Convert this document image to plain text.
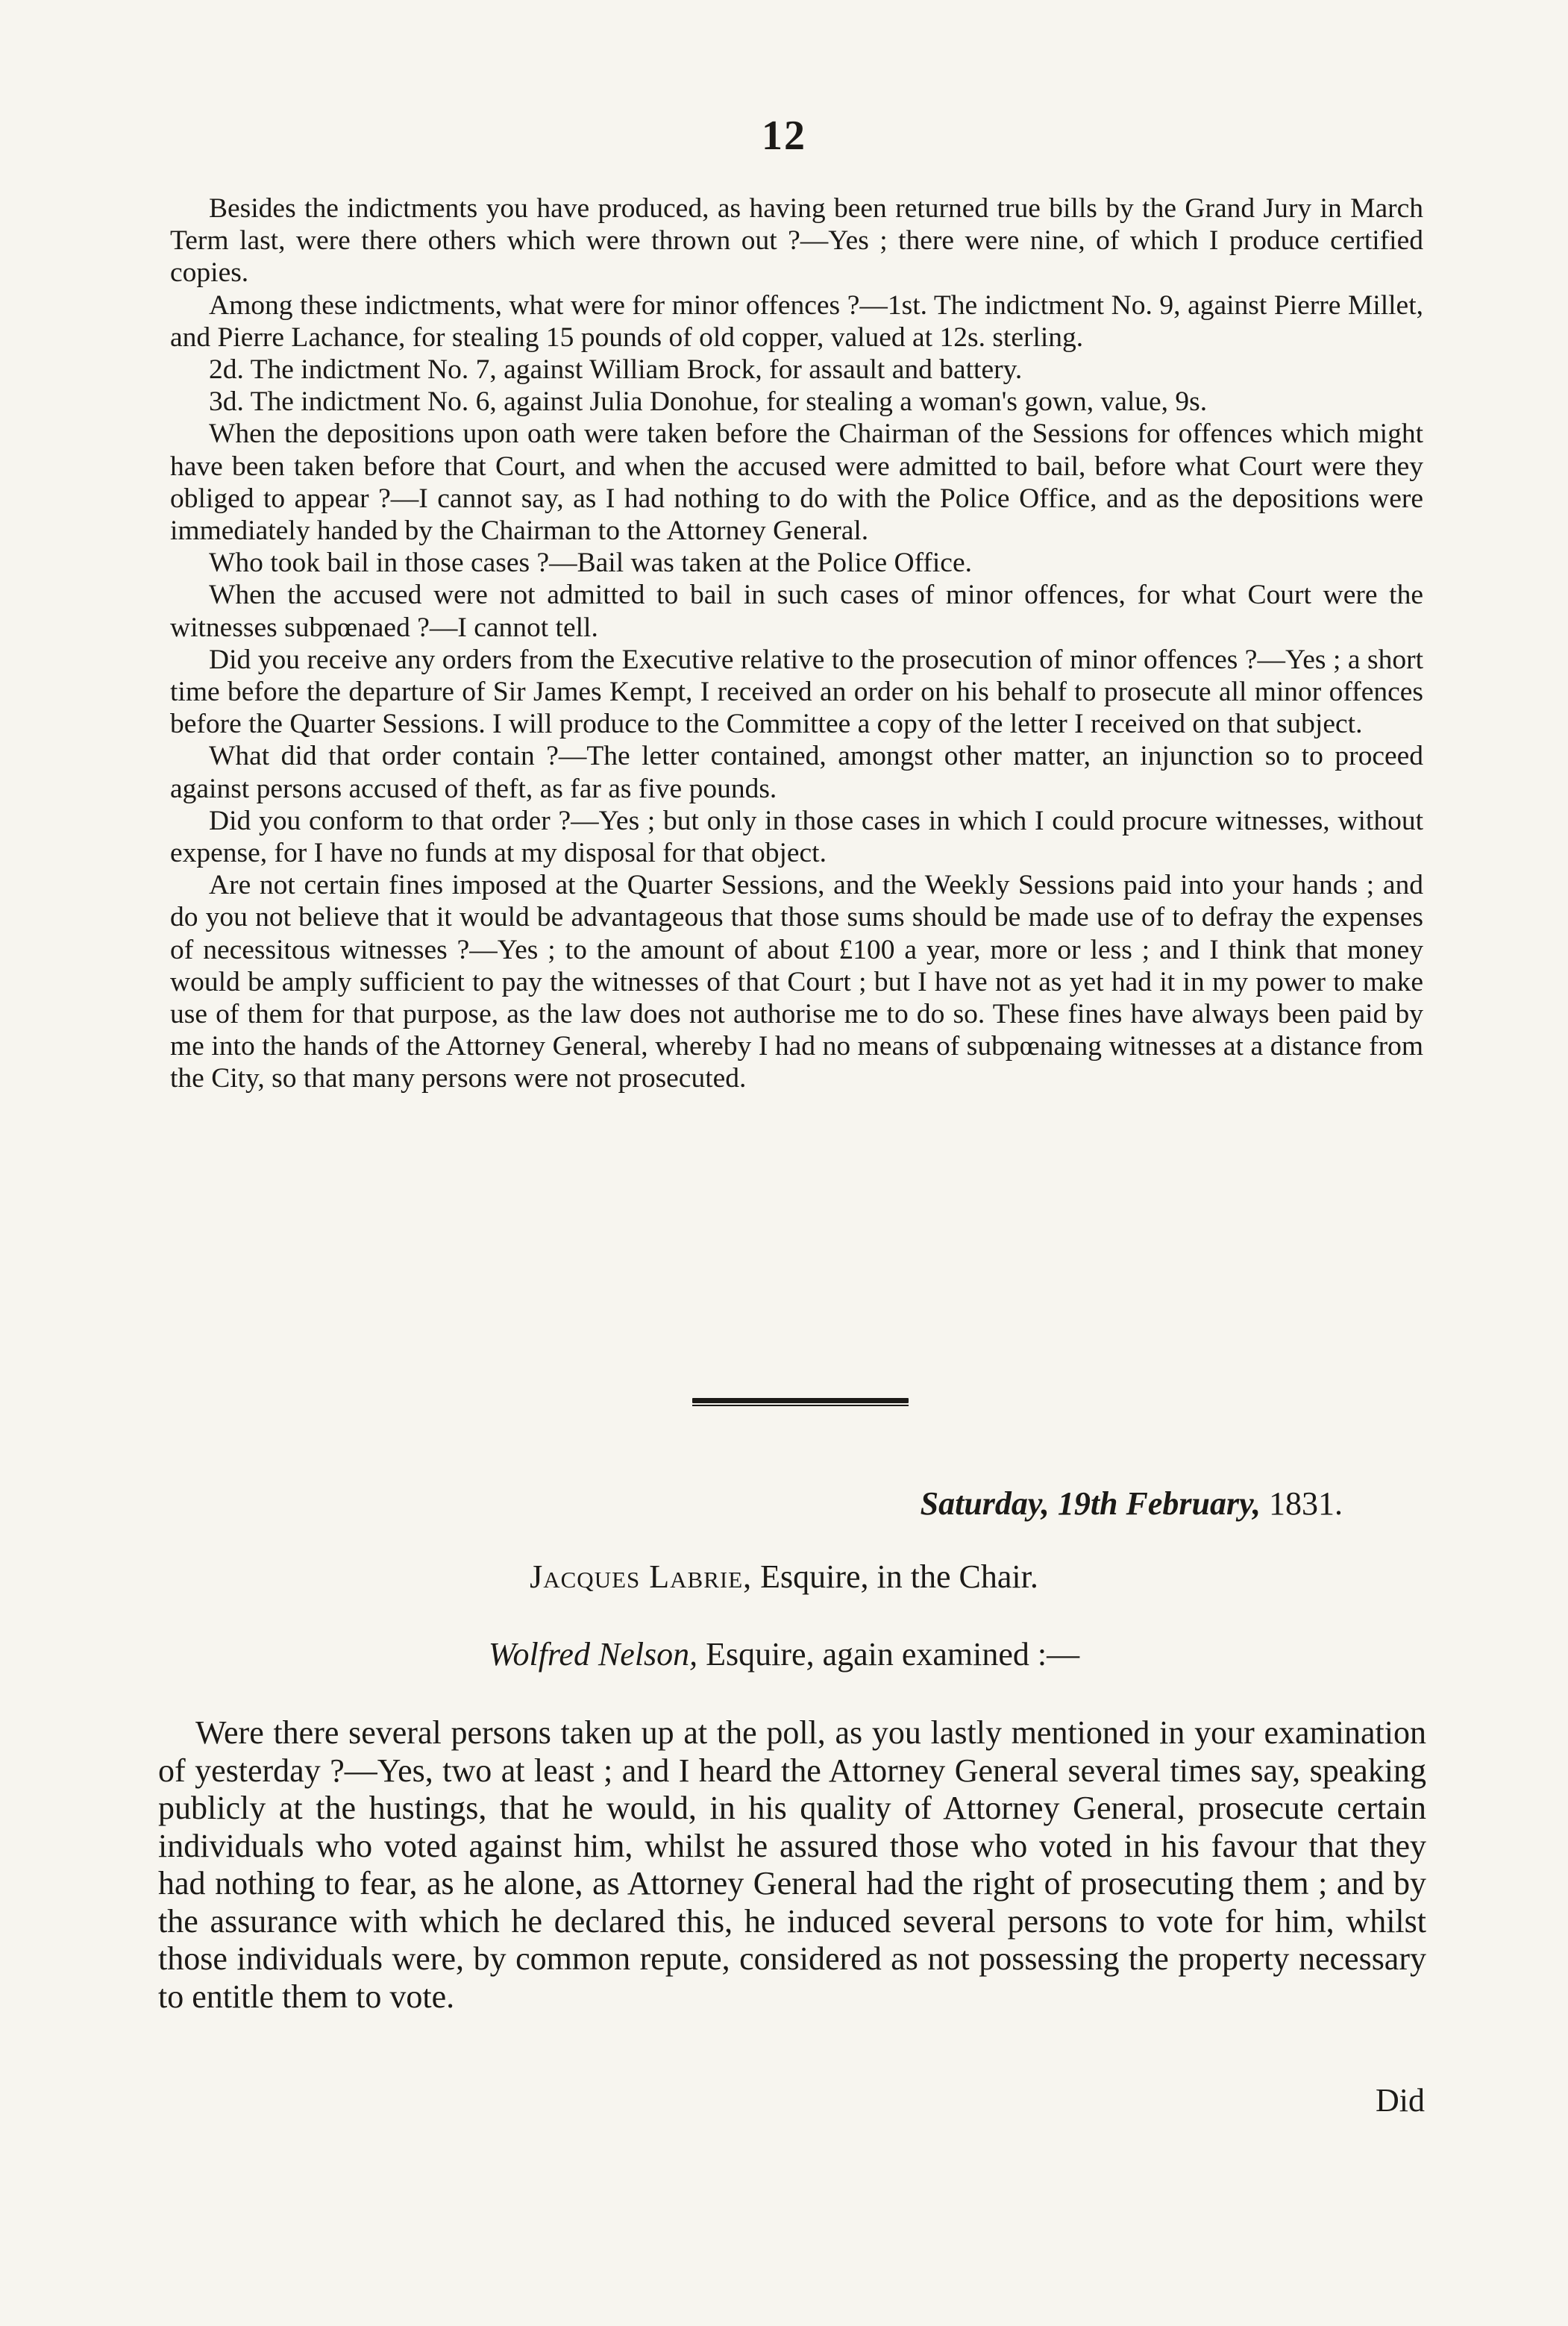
12

Besides the indictments you have produced, as having been returned true bills by the Grand Jury in March Term last, were there others which were thrown out ?—Yes ; there were nine, of which I produce certified copies.

Among these indictments, what were for minor offences ?—1st. The indictment No. 9, against Pierre Millet, and Pierre Lachance, for stealing 15 pounds of old copper, valued at 12s. sterling.

2d. The indictment No. 7, against William Brock, for assault and battery.

3d. The indictment No. 6, against Julia Donohue, for stealing a woman's gown, value, 9s.

When the depositions upon oath were taken before the Chairman of the Sessions for offences which might have been taken before that Court, and when the accused were admitted to bail, before what Court were they obliged to appear ?—I cannot say, as I had nothing to do with the Police Office, and as the depositions were immediately handed by the Chairman to the Attorney General.

Who took bail in those cases ?—Bail was taken at the Police Office.

When the accused were not admitted to bail in such cases of minor offences, for what Court were the witnesses subpœnaed ?—I cannot tell.

Did you receive any orders from the Executive relative to the prosecution of minor offences ?—Yes ; a short time before the departure of Sir James Kempt, I received an order on his behalf to prosecute all minor offences before the Quarter Sessions. I will produce to the Committee a copy of the letter I received on that subject.

What did that order contain ?—The letter contained, amongst other matter, an injunction so to proceed against persons accused of theft, as far as five pounds.

Did you conform to that order ?—Yes ; but only in those cases in which I could procure witnesses, without expense, for I have no funds at my disposal for that object.

Are not certain fines imposed at the Quarter Sessions, and the Weekly Sessions paid into your hands ; and do you not believe that it would be advantageous that those sums should be made use of to defray the expenses of necessitous witnesses ?—Yes ; to the amount of about £100 a year, more or less ; and I think that money would be amply sufficient to pay the witnesses of that Court ; but I have not as yet had it in my power to make use of them for that purpose, as the law does not authorise me to do so. These fines have always been paid by me into the hands of the Attorney General, whereby I had no means of subpœnaing witnesses at a distance from the City, so that many persons were not prosecuted.

Saturday, 19th February, 1831.
Jacques Labrie, Esquire, in the Chair.
Wolfred Nelson, Esquire, again examined :—

Were there several persons taken up at the poll, as you lastly mentioned in your examination of yesterday ?—Yes, two at least ; and I heard the Attorney General several times say, speaking publicly at the hustings, that he would, in his quality of Attorney General, prosecute certain individuals who voted against him, whilst he assured those who voted in his favour that they had nothing to fear, as he alone, as Attorney General had the right of prosecuting them ; and by the assurance with which he declared this, he induced several persons to vote for him, whilst those individuals were, by common repute, considered as not possessing the property necessary to entitle them to vote.

Did
